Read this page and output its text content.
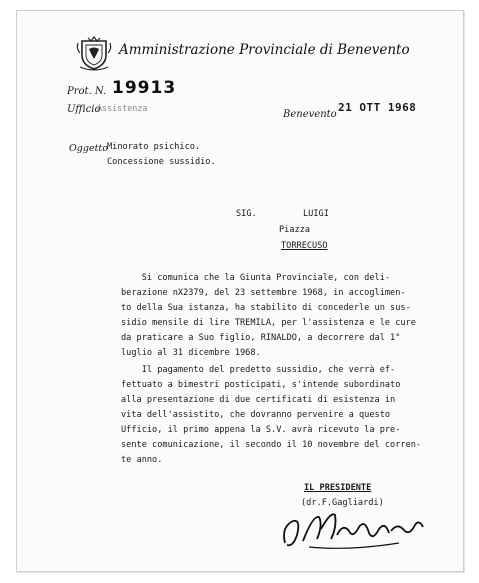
Amministrazione Provinciale di Benevento
Prot. N. 19913
Ufficio
Assistenza
Benevento
21 OTT 1968
Oggetto Minorato psichico.
Concessione sussidio.
SIG.	LUIGI
Piazza
TORRECUSO
Si comunica che la Giunta Provinciale, con deli-
berazione nX2379, del 23 settembre 1968, in accoglimen-
to della Sua istanza, ha stabilito di concederle un sus-
sidio mensile di lire TREMILA, per l'assistenza e le cure
da praticare a Suo figlio, RINALDO, a decorrere dal 1°
luglio al 31 dicembre 1968.
Il pagamento del predetto sussidio, che verrà ef-
fettuato a bimestri posticipati, s'intende subordinato
alla presentazione di due certificati di esistenza in
vita dell'assistito, che dovranno pervenire a questo
Ufficio, il primo appena la S.V. avrà ricevuto la pre-
sente comunicazione, il secondo il 10 novembre del corren-
te anno.
IL PRESIDENTE
(dr.F.Gagliardi)
